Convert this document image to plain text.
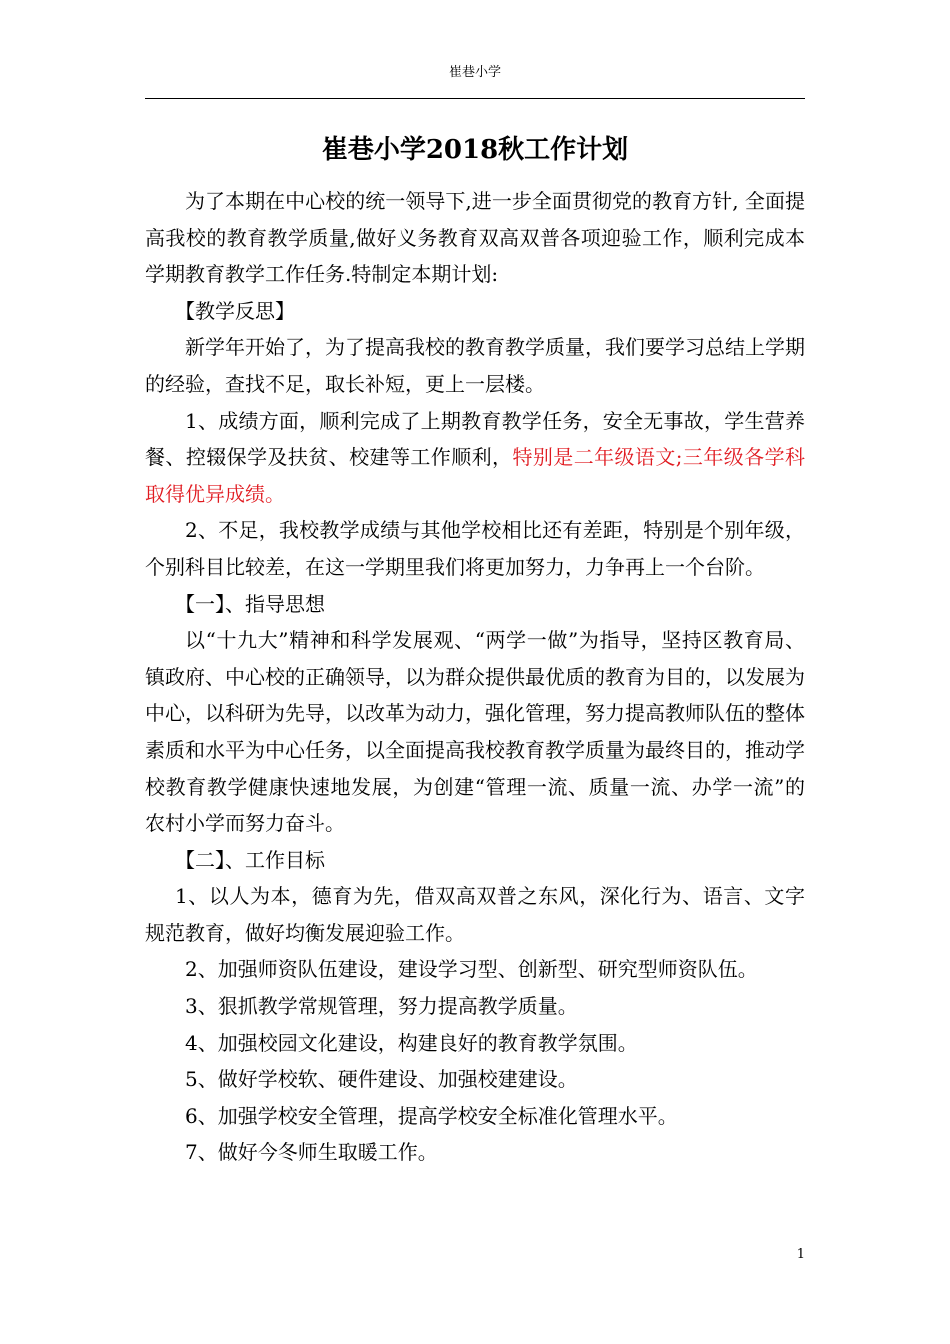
崔巷小学
崔巷小学2018秋工作计划

为了本期在中心校的统一领导下,进一步全面贯彻党的教育方针, 全面提高我校的教育教学质量,做好义务教育双高双普各项迎验工作，顺利完成本学期教育教学工作任务.特制定本期计划:

【教学反思】

新学年开始了，为了提高我校的教育教学质量，我们要学习总结上学期的经验，查找不足，取长补短，更上一层楼。

1、成绩方面，顺利完成了上期教育教学任务，安全无事故，学生营养餐、控辍保学及扶贫、校建等工作顺利，特别是二年级语文;三年级各学科取得优异成绩。

2、不足，我校教学成绩与其他学校相比还有差距，特别是个别年级，个别科目比较差，在这一学期里我们将更加努力，力争再上一个台阶。

【一】、指导思想

以“十九大”精神和科学发展观、“两学一做”为指导，坚持区教育局、镇政府、中心校的正确领导，以为群众提供最优质的教育为目的，以发展为中心，以科研为先导，以改革为动力，强化管理，努力提高教师队伍的整体素质和水平为中心任务，以全面提高我校教育教学质量为最终目的，推动学校教育教学健康快速地发展，为创建“管理一流、质量一流、办学一流”的农村小学而努力奋斗。

【二】、工作目标

1、以人为本，德育为先，借双高双普之东风，深化行为、语言、文字规范教育，做好均衡发展迎验工作。

2、加强师资队伍建设，建设学习型、创新型、研究型师资队伍。

3、狠抓教学常规管理，努力提高教学质量。

4、加强校园文化建设，构建良好的教育教学氛围。

5、做好学校软、硬件建设、加强校建建设。

6、加强学校安全管理，提高学校安全标准化管理水平。

7、做好今冬师生取暖工作。

1
